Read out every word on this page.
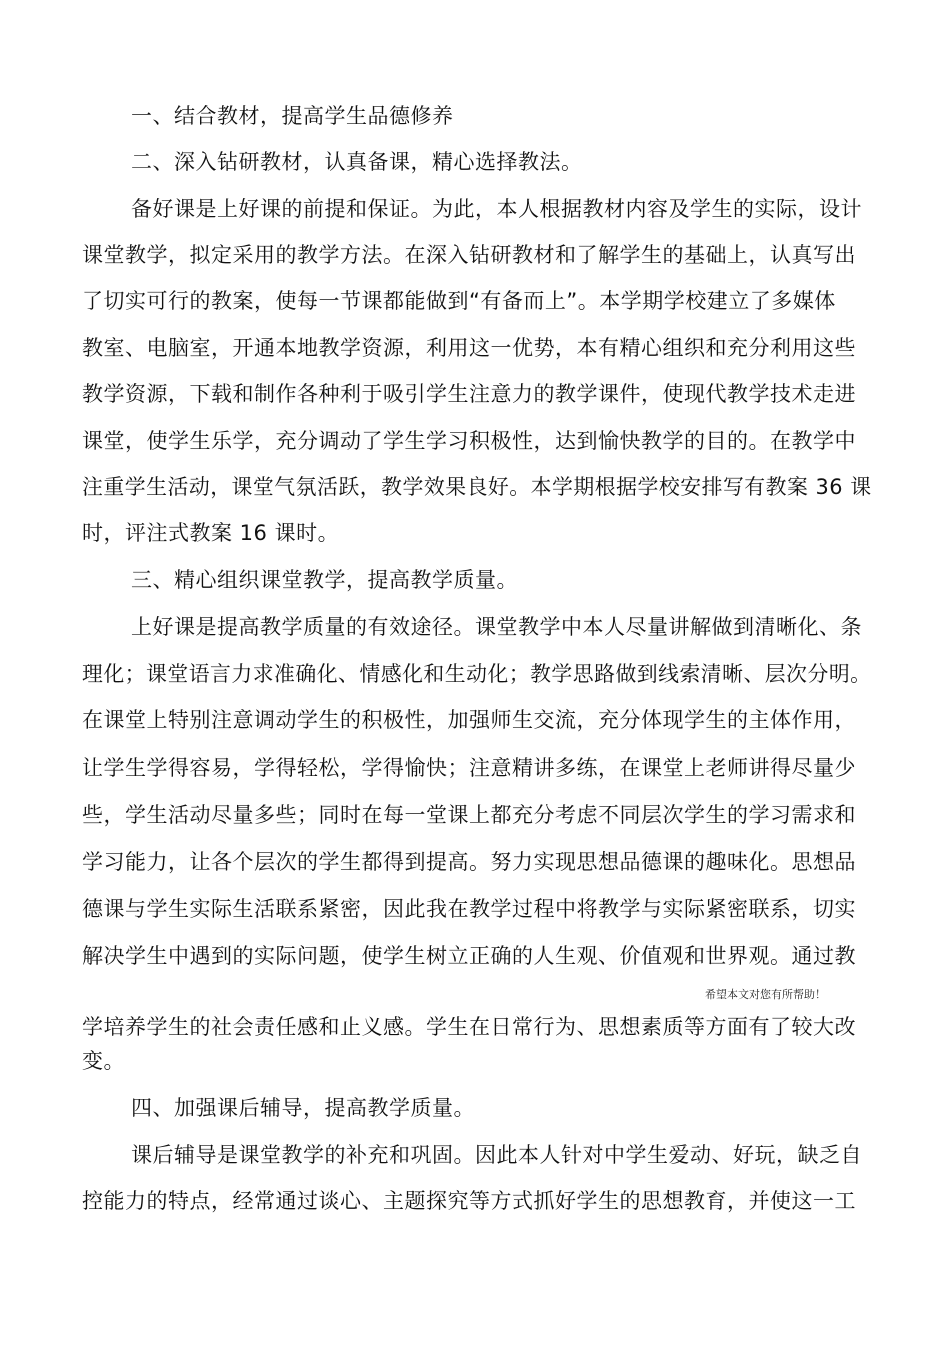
一、结合教材，提高学生品德修养
二、深入钻研教材，认真备课，精心选择教法。
备好课是上好课的前提和保证。为此，本人根据教材内容及学生的实际，设计
课堂教学，拟定采用的教学方法。在深入钻研教材和了解学生的基础上，认真写出
了切实可行的教案，使每一节课都能做到“有备而上”。本学期学校建立了多媒体
教室、电脑室，开通本地教学资源，利用这一优势，本有精心组织和充分利用这些
教学资源，下载和制作各种利于吸引学生注意力的教学课件，使现代教学技术走进
课堂，使学生乐学，充分调动了学生学习积极性，达到愉快教学的目的。在教学中
注重学生活动，课堂气氛活跃，教学效果良好。本学期根据学校安排写有教案 36 课
时，评注式教案 16 课时。
三、精心组织课堂教学，提高教学质量。
上好课是提高教学质量的有效途径。课堂教学中本人尽量讲解做到清晰化、条
理化；课堂语言力求准确化、情感化和生动化；教学思路做到线索清晰、层次分明。
在课堂上特别注意调动学生的积极性，加强师生交流，充分体现学生的主体作用，
让学生学得容易，学得轻松，学得愉快；注意精讲多练，在课堂上老师讲得尽量少
些，学生活动尽量多些；同时在每一堂课上都充分考虑不同层次学生的学习需求和
学习能力，让各个层次的学生都得到提高。努力实现思想品德课的趣味化。思想品
德课与学生实际生活联系紧密，因此我在教学过程中将教学与实际紧密联系，切实
解决学生中遇到的实际问题，使学生树立正确的人生观、价值观和世界观。通过教
希望本文对您有所帮助！
学培养学生的社会责任感和止义感。学生在日常行为、思想素质等方面有了较大改
变。
四、加强课后辅导，提高教学质量。
课后辅导是课堂教学的补充和巩固。因此本人针对中学生爱动、好玩，缺乏自
控能力的特点，经常通过谈心、主题探究等方式抓好学生的思想教育，并使这一工
